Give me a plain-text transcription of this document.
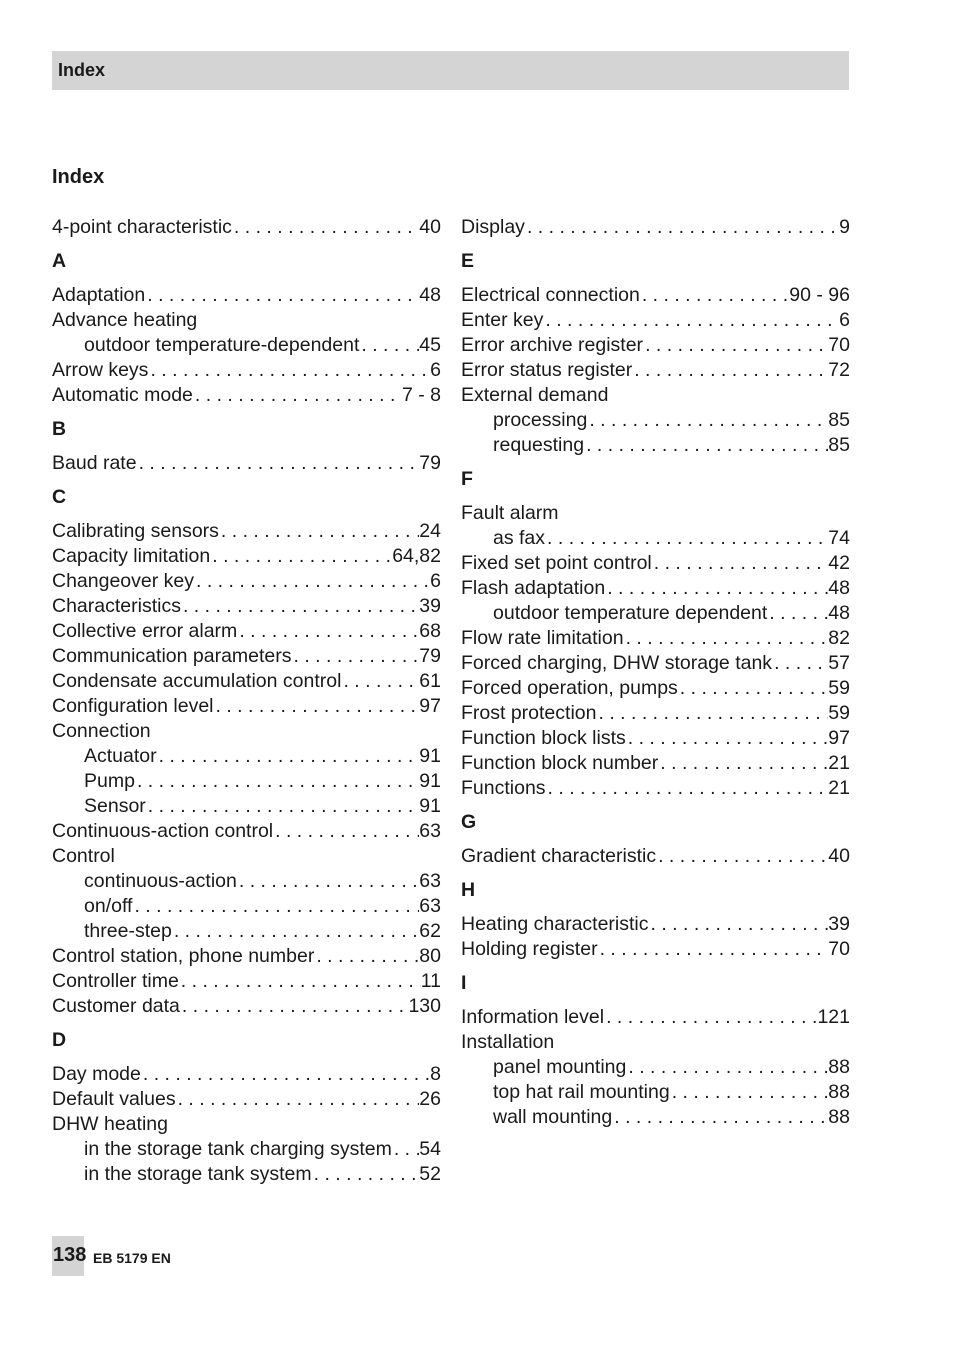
Index
Index
4-point characteristic . . .	40
A
Adaptation . . .	48
Advance heating
outdoor temperature-dependent . . .	45
Arrow keys . . .	6
Automatic mode . . .	7 - 8
B
Baud rate . . .	79
C
Calibrating sensors . . .	24
Capacity limitation . . .	64,82
Changeover key . . .	6
Characteristics . . .	39
Collective error alarm . . .	68
Communication parameters . . .	79
Condensate accumulation control . . .	61
Configuration level . . .	97
Connection
Actuator . . .	91
Pump . . .	91
Sensor . . .	91
Continuous-action control . . .	63
Control
continuous-action . . .	63
on/off . . .	63
three-step . . .	62
Control station, phone number . . .	80
Controller time . . .	11
Customer data . . .	130
D
Day mode . . .	8
Default values . . .	26
DHW heating
in the storage tank charging system . . . 54
in the storage tank system . . .	52
Display . . .	9
E
Electrical connection . . .	90 - 96
Enter key . . .	6
Error archive register . . .	70
Error status register . . .	72
External demand
processing . . .	85
requesting . . .	85
F
Fault alarm
as fax . . .	74
Fixed set point control . . .	42
Flash adaptation . . .	48
outdoor temperature dependent . . .	48
Flow rate limitation . . .	82
Forced charging, DHW storage tank . . .	57
Forced operation, pumps . . .	59
Frost protection . . .	59
Function block lists . . .	97
Function block number . . .	21
Functions . . .	21
G
Gradient characteristic . . .	40
H
Heating characteristic . . .	39
Holding register . . .	70
I
Information level . . .	121
Installation
panel mounting . . .	88
top hat rail mounting . . .	88
wall mounting . . .	88
138 EB 5179 EN
